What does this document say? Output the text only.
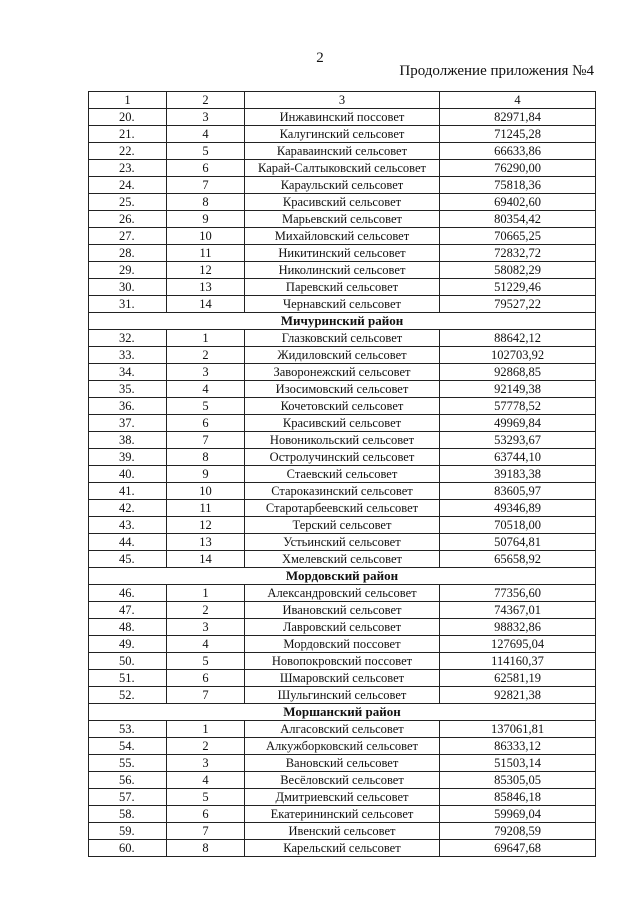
2
Продолжение приложения №4
1	2	3	4
20.	3	Инжавинский поссовет	82971,84
21.	4	Калугинский сельсовет	71245,28
22.	5	Караваинский сельсовет	66633,86
23.	6	Карай-Салтыковский сельсовет	76290,00
24.	7	Караульский сельсовет	75818,36
25.	8	Красивский сельсовет	69402,60
26.	9	Марьевский сельсовет	80354,42
27.	10	Михайловский сельсовет	70665,25
28.	11	Никитинский сельсовет	72832,72
29.	12	Николинский сельсовет	58082,29
30.	13	Паревский сельсовет	51229,46
31.	14	Чернавский сельсовет	79527,22
Мичуринский район			
32.	1	Глазковский сельсовет	88642,12
33.	2	Жидиловский сельсовет	102703,92
34.	3	Заворонежский сельсовет	92868,85
35.	4	Изосимовский сельсовет	92149,38
36.	5	Кочетовский сельсовет	57778,52
37.	6	Красивский сельсовет	49969,84
38.	7	Новоникольский сельсовет	53293,67
39.	8	Остролучинский сельсовет	63744,10
40.	9	Стаевский сельсовет	39183,38
41.	10	Староказинский сельсовет	83605,97
42.	11	Старотарбеевский сельсовет	49346,89
43.	12	Терский сельсовет	70518,00
44.	13	Устьинский сельсовет	50764,81
45.	14	Хмелевский сельсовет	65658,92
Мордовский район			
46.	1	Александровский сельсовет	77356,60
47.	2	Ивановский сельсовет	74367,01
48.	3	Лавровский сельсовет	98832,86
49.	4	Мордовский поссовет	127695,04
50.	5	Новопокровский поссовет	114160,37
51.	6	Шмаровский сельсовет	62581,19
52.	7	Шульгинский сельсовет	92821,38
Моршанский район			
53.	1	Алгасовский сельсовет	137061,81
54.	2	Алкужборковский сельсовет	86333,12
55.	3	Вановский сельсовет	51503,14
56.	4	Весёловский сельсовет	85305,05
57.	5	Дмитриевский сельсовет	85846,18
58.	6	Екатерининский сельсовет	59969,04
59.	7	Ивенский сельсовет	79208,59
60.	8	Карельский сельсовет	69647,68
